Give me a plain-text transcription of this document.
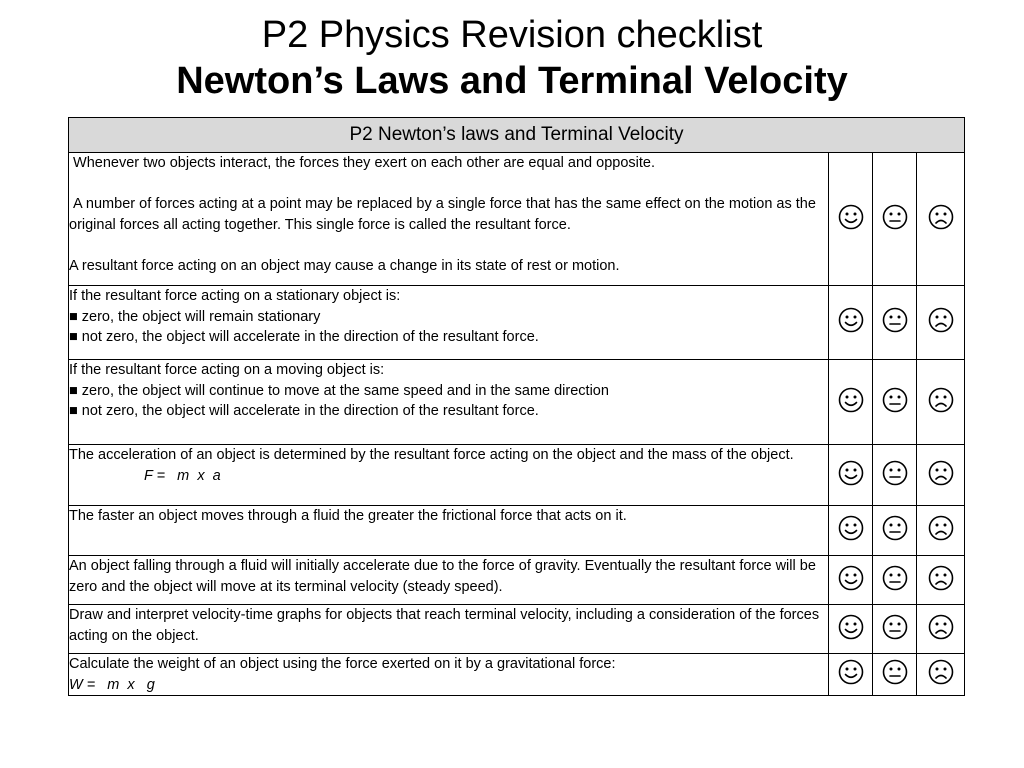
P2 Physics Revision checklist
Newton’s Laws and Terminal Velocity
P2 Newton’s laws and Terminal Velocity			

Whenever two objects interact, the forces they exert on each other are equal and opposite.
A number of forces acting at a point may be replaced by a single force that has the same effect on the motion as the original forces all acting together. This single force is called the resultant force.
A resultant force acting on an object may cause a change in its state of rest or motion.

If the resultant force acting on a stationary object is:
■ zero, the object will remain stationary
■ not zero, the object will accelerate in the direction of the resultant force.

If the resultant force acting on a moving object is:
■ zero, the object will continue to move at the same speed and in the same direction
■ not zero, the object will accelerate in the direction of the resultant force.

The acceleration of an object is determined by the resultant force acting on the object and the mass of the object.
F =   m  x  a

The faster an object moves through a fluid the greater the frictional force that acts on it.

An object falling through a fluid will initially accelerate due to the force of gravity. Eventually the resultant force will be zero and the object will move at its terminal velocity (steady speed).

Draw and interpret velocity-time graphs for objects that reach terminal velocity, including a consideration of the forces acting on the object.

Calculate the weight of an object using the force exerted on it by a gravitational force:
W =   m  x   g
